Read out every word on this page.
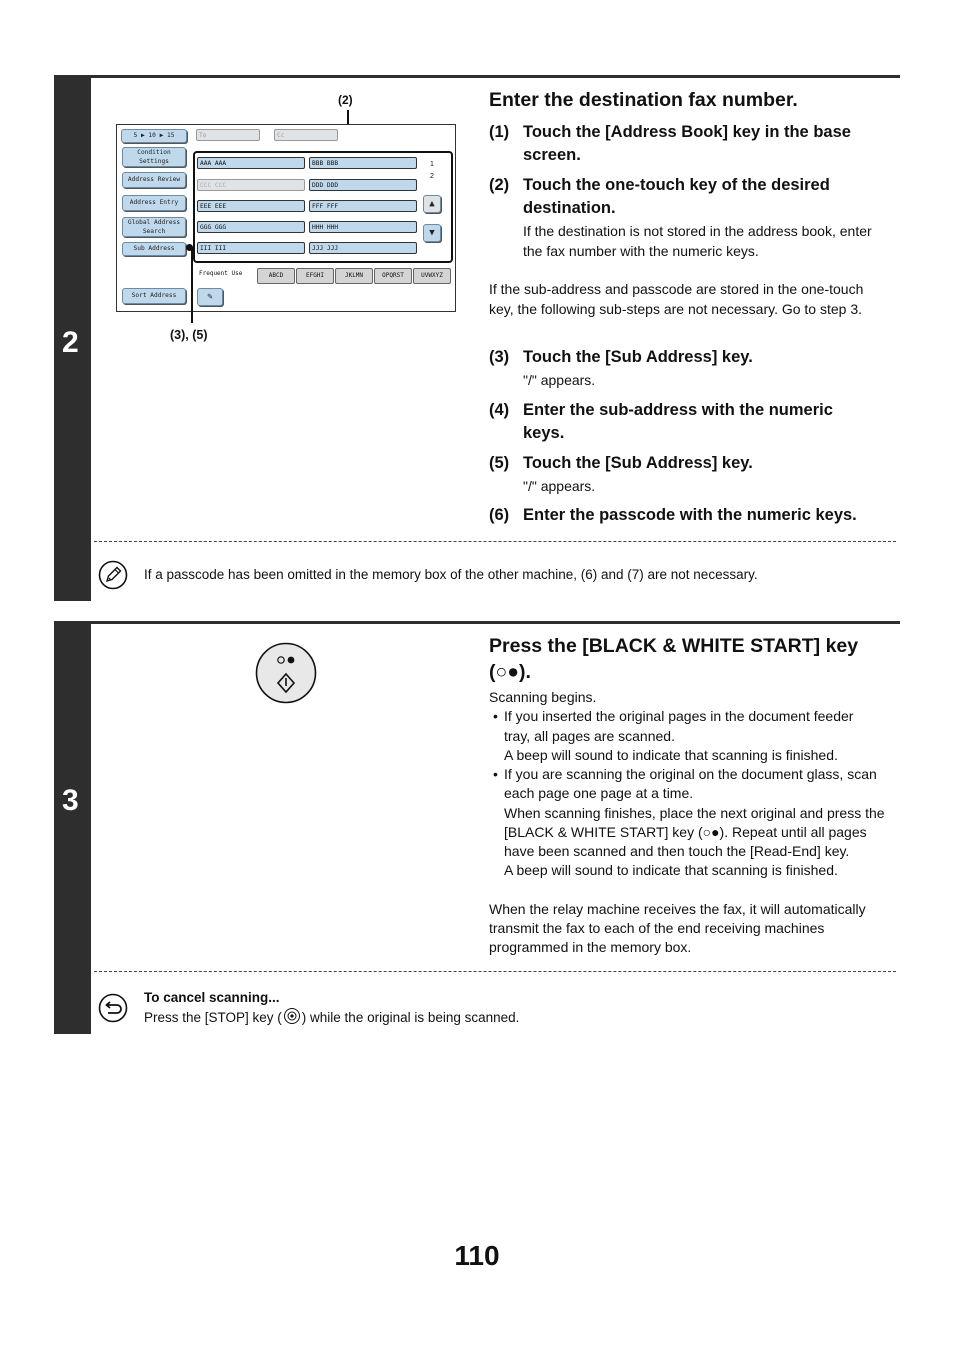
2
(2)
5 ▶ 10 ▶ 15	To	Cc
Condition Settings
Address Review
Address Entry
Global Address Search
Sub Address
Sort Address
AAA AAA	BBB BBB
CCC CCC	DDD DDD
EEE EEE	FFF FFF
GGG GGG	HHH HHH
III III	JJJ JJJ
1
2
▲
▼
Frequent Use	ABCD	EFGHI	JKLMN	OPQRST	UVWXYZ
✎
(3), (5)
Enter the destination fax number.
(1) Touch the [Address Book] key in the base screen.
(2) Touch the one-touch key of the desired destination.
If the destination is not stored in the address book, enter the fax number with the numeric keys.
If the sub-address and passcode are stored in the one-touch key, the following sub-steps are not necessary. Go to step 3.
(3) Touch the [Sub Address] key.
"/" appears.
(4) Enter the sub-address with the numeric keys.
(5) Touch the [Sub Address] key.
"/" appears.
(6) Enter the passcode with the numeric keys.
If a passcode has been omitted in the memory box of the other machine, (6) and (7) are not necessary.
3
Press the [BLACK & WHITE START] key
(○●).
Scanning begins.
• If you inserted the original pages in the document feeder
tray, all pages are scanned.
A beep will sound to indicate that scanning is finished.
• If you are scanning the original on the document glass, scan
each page one page at a time.
When scanning finishes, place the next original and press the
[BLACK & WHITE START] key (○●). Repeat until all pages
have been scanned and then touch the [Read-End] key.
A beep will sound to indicate that scanning is finished.
When the relay machine receives the fax, it will automatically
transmit the fax to each of the end receiving machines
programmed in the memory box.
To cancel scanning...
Press the [STOP] key ( ) while the original is being scanned.
110
